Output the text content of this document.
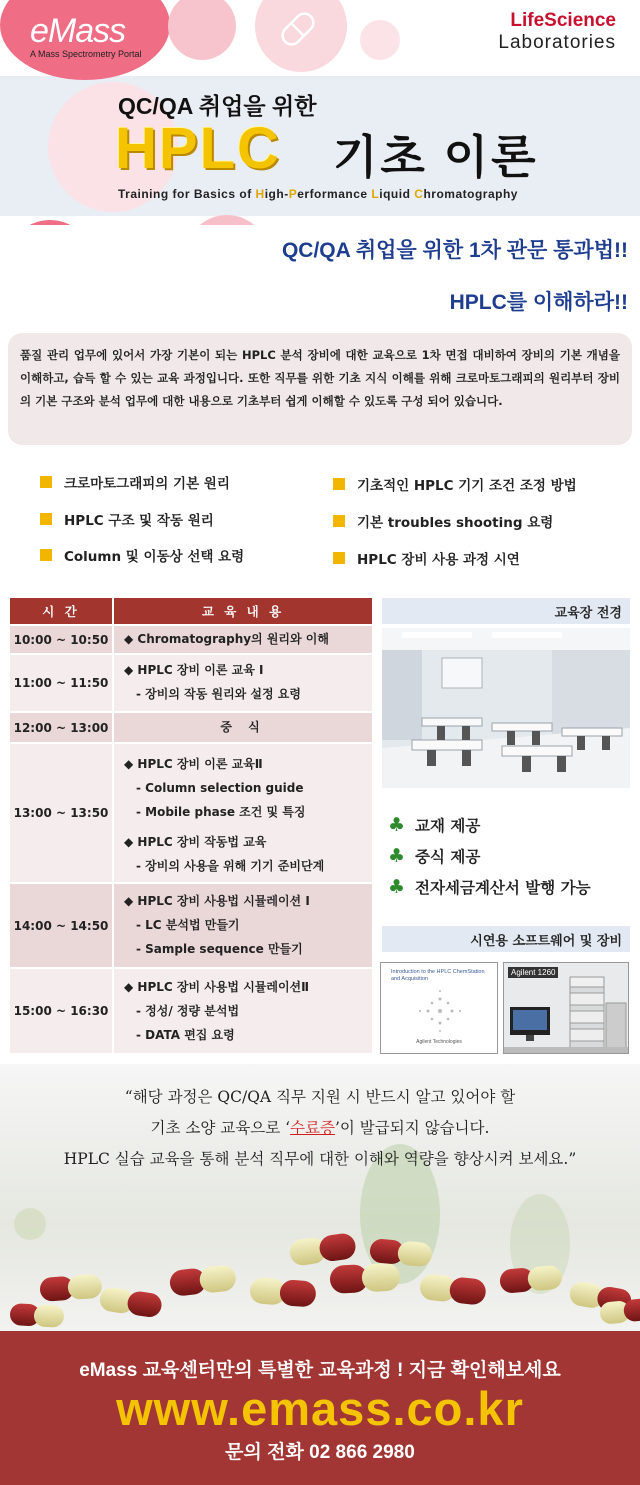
eMass
A Mass Spectrometry Portal
LifeScience
Laboratories
QC/QA 취업을 위한
HPLC 기초 이론
Training for Basics of High-Performance Liquid Chromatography
QC/QA 취업을 위한 1차 관문 통과법!!
HPLC를 이해하라!!
품질 관리 업무에 있어서 가장 기본이 되는 HPLC 분석 장비에 대한 교육으로 1차 면접 대비하여 장비의 기본 개념을 이해하고, 습득 할 수 있는 교육 과정입니다. 또한 직무를 위한 기초 지식 이해를 위해 크로마토그래피의 원리부터 장비의 기본 구조와 분석 업무에 대한 내용으로 기초부터 쉽게 이해할 수 있도록 구성 되어 있습니다.
크로마토그래피의 기본 원리
HPLC 구조 및 작동 원리
Column 및 이동상 선택 요령
기초적인 HPLC 기기 조건 조정 방법
기본 troubles shooting 요령
HPLC 장비 사용 과정 시연
시 간	교 육 내 용
10:00 ~ 10:50	◆ Chromatography의 원리와 이해
11:00 ~ 11:50
◆ HPLC 장비 이론 교육 I
- 장비의 작동 원리와 설정 요령
12:00 ~ 13:00	중 식
13:00 ~ 13:50
◆ HPLC 장비 이론 교육Ⅱ
- Column selection guide
- Mobile phase 조건 및 특징
◆ HPLC 장비 작동법 교육
- 장비의 사용을 위해 기기 준비단계
14:00 ~ 14:50
◆ HPLC 장비 사용법 시뮬레이션 I
- LC 분석법 만들기
- Sample sequence 만들기
15:00 ~ 16:30
◆ HPLC 장비 사용법 시뮬레이션Ⅱ
- 정성/ 정량 분석법
- DATA 편집 요령
교육장 전경
♣ 교재 제공
♣ 중식 제공
♣ 전자세금계산서 발행 가능
시연용 소프트웨어 및 장비
Introduction to the HPLC ChemStation and Acquisition
Agilent Technologies
Agilent 1260
“해당 과정은 QC/QA 직무 지원 시 반드시 알고 있어야 할
기초 소양 교육으로 ‘수료증’이 발급되지 않습니다.
HPLC 실습 교육을 통해 분석 직무에 대한 이해와 역량을 향상시켜 보세요.”
eMass 교육센터만의 특별한 교육과정 ! 지금 확인해보세요
www.emass.co.kr
문의 전화 02 866 2980
